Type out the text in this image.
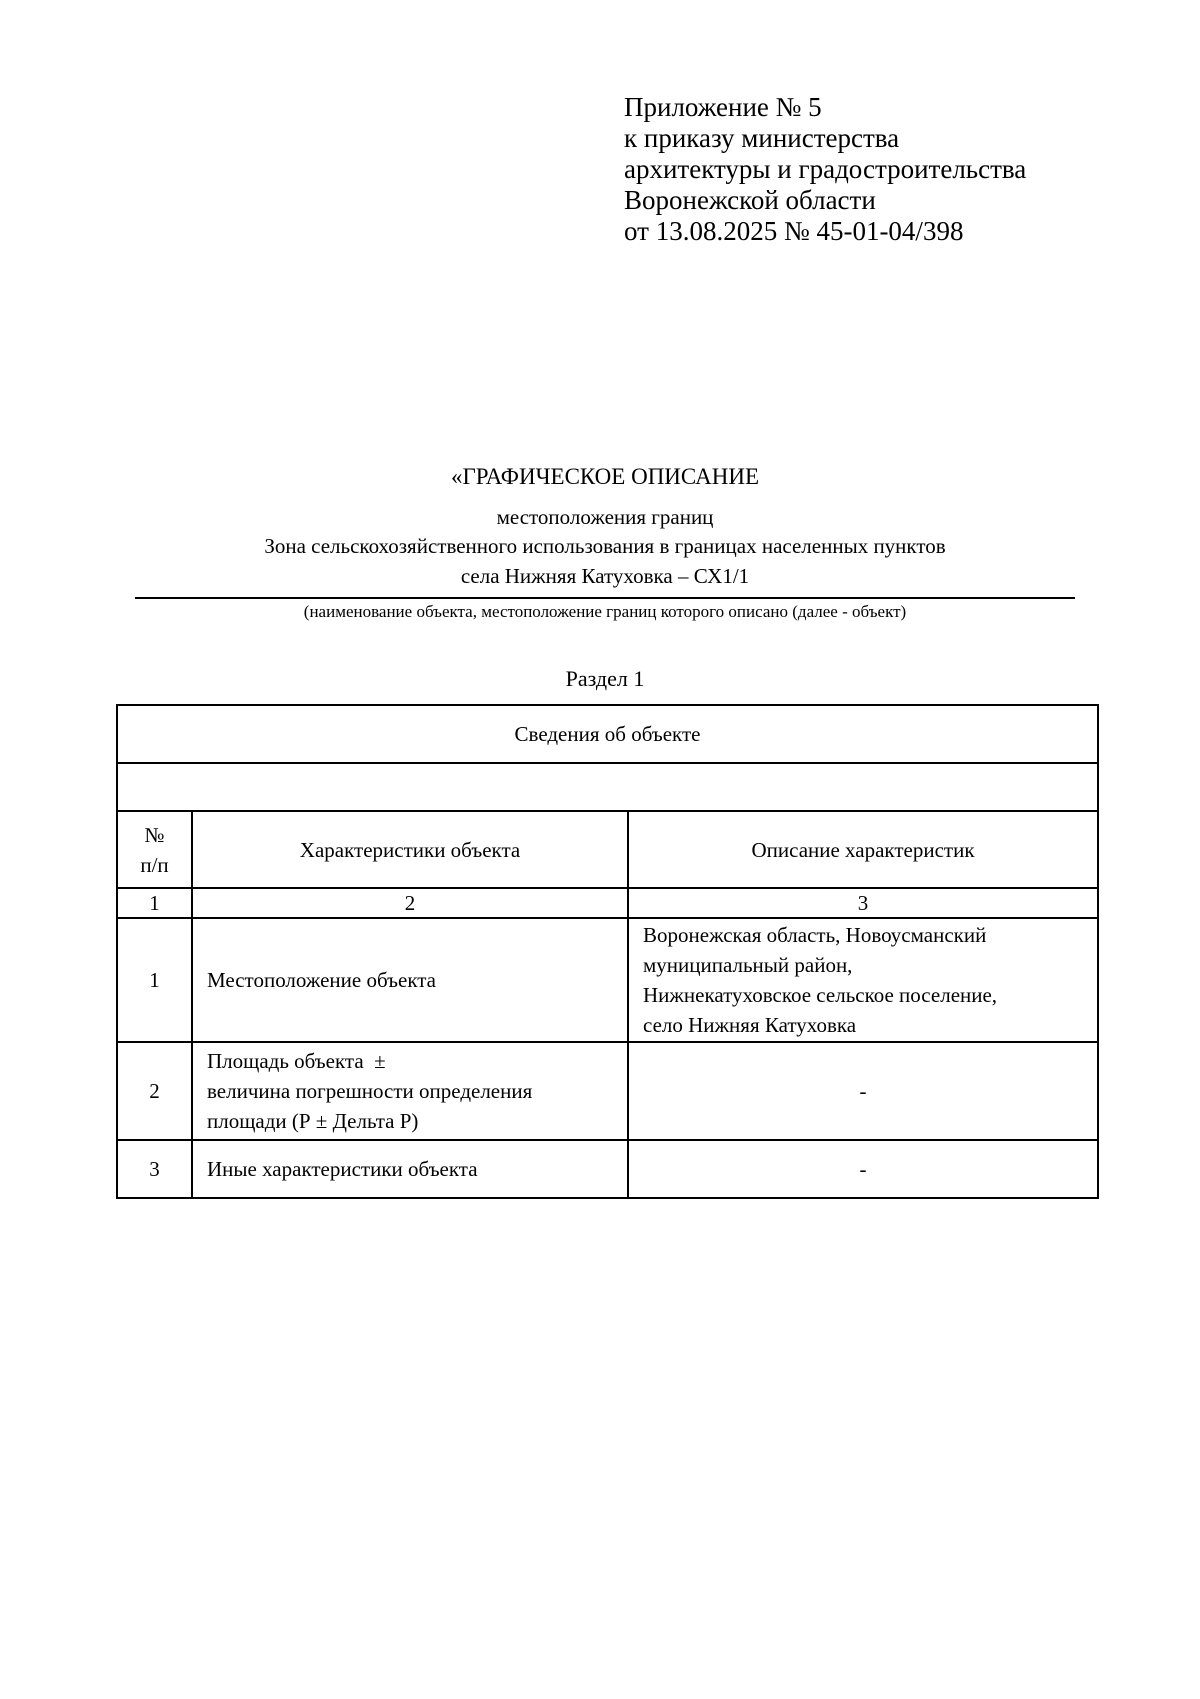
Приложение № 5
к приказу министерства
архитектуры и градостроительства
Воронежской области
от 13.08.2025 № 45-01-04/398
«ГРАФИЧЕСКОЕ ОПИСАНИЕ
местоположения границ
Зона сельскохозяйственного использования в границах населенных пунктов
села Нижняя Катуховка – СХ1/1
(наименование объекта, местоположение границ которого описано (далее - объект)
Раздел 1
Сведения об объекте		

№
п/п	Характеристики объекта	Описание характеристик
1	2	3
1	Местоположение объекта	Воронежская область, Новоусманский
муниципальный район,
Нижнекатуховское сельское поселение,
село Нижняя Катуховка

2	Площадь объекта  ±
величина погрешности определения
площади (Р ± Дельта Р)	-

3	Иные характеристики объекта	-
